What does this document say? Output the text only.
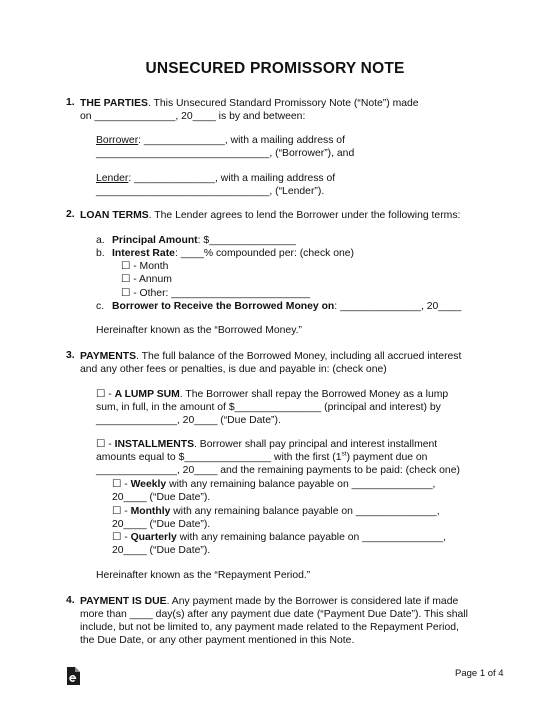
UNSECURED PROMISSORY NOTE
1. THE PARTIES. This Unsecured Standard Promissory Note (“Note”) made
on ______________, 20____ is by and between:
Borrower: ______________, with a mailing address of
______________________________, (“Borrower”), and
Lender: ______________, with a mailing address of
______________________________, (“Lender”).
2. LOAN TERMS. The Lender agrees to lend the Borrower under the following terms:
a. Principal Amount: $_______________
b. Interest Rate: ____% compounded per: (check one)
☐ - Month
☐ - Annum
☐ - Other: ________________________
c. Borrower to Receive the Borrowed Money on: ______________, 20____
Hereinafter known as the “Borrowed Money.”
3. PAYMENTS. The full balance of the Borrowed Money, including all accrued interest
and any other fees or penalties, is due and payable in: (check one)
☐ - A LUMP SUM. The Borrower shall repay the Borrowed Money as a lump
sum, in full, in the amount of $_______________ (principal and interest) by
______________, 20____ (“Due Date”).
☐ - INSTALLMENTS. Borrower shall pay principal and interest installment
amounts equal to $_______________ with the first (1st) payment due on
______________, 20____ and the remaining payments to be paid: (check one)
☐ - Weekly with any remaining balance payable on ______________,
20____ (“Due Date”).
☐ - Monthly with any remaining balance payable on ______________,
20____ (“Due Date”).
☐ - Quarterly with any remaining balance payable on ______________,
20____ (“Due Date”).
Hereinafter known as the “Repayment Period.”
4. PAYMENT IS DUE. Any payment made by the Borrower is considered late if made
more than ____ day(s) after any payment due date (“Payment Due Date”). This shall
include, but not be limited to, any payment made related to the Repayment Period,
the Due Date, or any other payment mentioned in this Note.
Page 1 of 4
